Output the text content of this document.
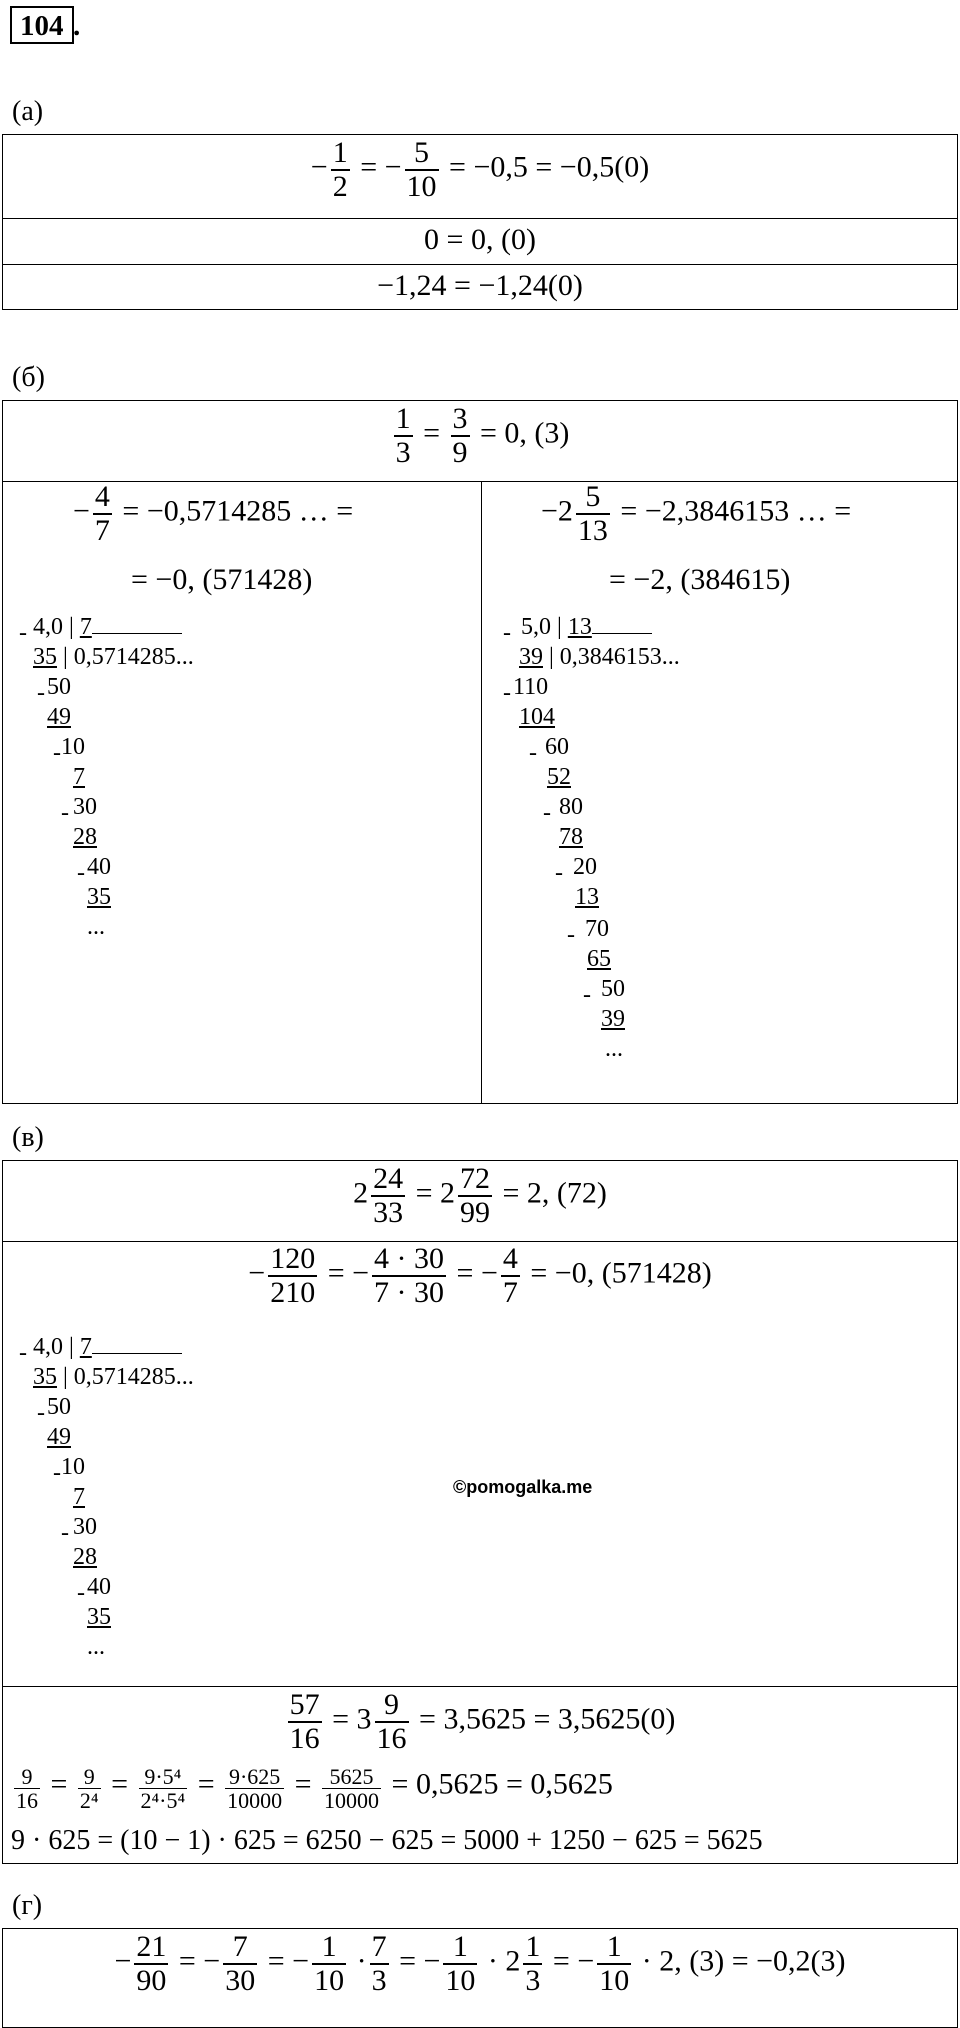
104 .
(а)
− $\frac{1}{2}$ = − $\frac{5}{10} = -0,5 = -0,5(0)$
0 = 0, (0)
−1,24 = −1,24(0)
(б)
$\frac{1}{3} = \frac{3}{9} = 0$, (3)
− $\frac{4}{7} = -0,5714285$ … =
= −0, (571428)
- 4,0 | 7
35 | 0,5714285...
- 50
49
- 10
7
- 30
28
- 40
35
...
$-2 \frac{5}{13} = -2,3846153$ … =
= −2, (384615)
- 5,0 | 13
39 | 0,3846153...
- 110
104
- 60
52
- 80
78
- 20
13
- 70
65
- 50
39
...
(в)
$2 \frac{24}{33} = 2 \frac{72}{99} = 2$, (72)
− $\frac{120}{210}$ = − $\frac{4 \cdot 30}{7 \cdot 30}$ = − $\frac{4}{7} = -0$, (571428)
- 4,0 | 7
35 | 0,5714285...
- 50
49
- 10
7
- 30
28
- 40
35
...
©pomogalka.me
$\frac{57}{16} = 3 \frac{9}{16} = 3,5625 = 3,5625(0)$
$\frac{9}{16} = \frac{9}{\text{2⁴}} = \frac{\text{9·5⁴}}{\text{2⁴·5⁴}} = \frac{9\cdot 625}{10000} = \frac{5625}{10000} = 0,5625 = 0,5625$
9 · 625 = (10 − 1) · 625 = 6250 − 625 = 5000 + 1250 − 625 = 5625
(г)
− $\frac{21}{90}$ = − $\frac{7}{30}$ = − $\frac{1}{10} \cdot \frac{7}{3}$ = − $\frac{1}{10} \cdot 2 \frac{1}{3}$ = − $\frac{1}{10} \cdot 2$, (3) = −0,2(3)
